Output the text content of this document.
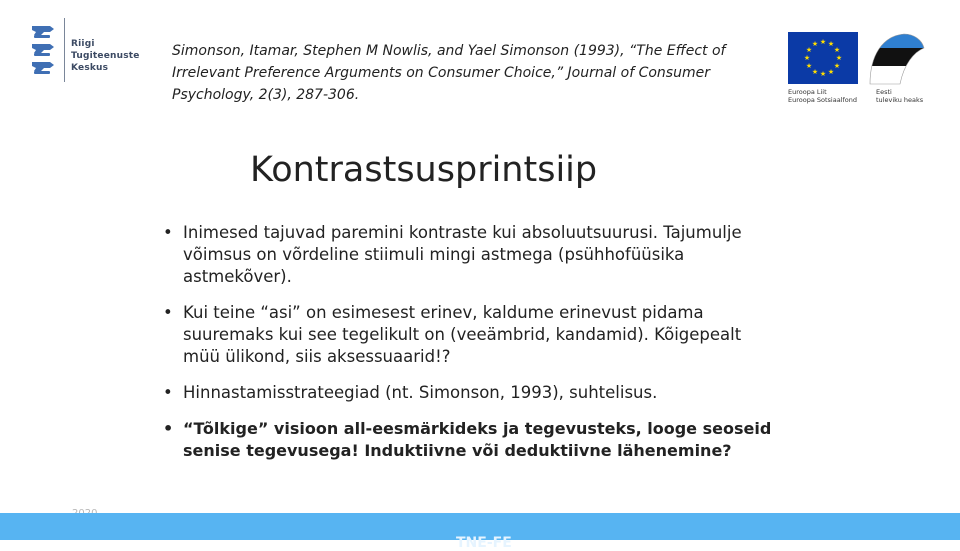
Riigi Tugiteenuste
Keskus
Simonson, Itamar, Stephen M Nowlis, and Yael Simonson (1993), “The Effect of Irrelevant Preference Arguments on Consumer Choice,” Journal of Consumer Psychology, 2(3), 287-306.
★ ★
★
★
★
★
★
★
★
★
★
★
Euroopa Liit
Euroopa Sotsiaalfond
Eesti
tuleviku heaks
Kontrastsusprintsiip
• Inimesed tajuvad paremini kontraste kui absoluutsuurusi. Tajumulje võimsus on võrdeline stiimuli mingi astmega (psühhofüüsika astmekõver).
• Kui teine “asi” on esimesest erinev, kaldume erinevust pidama suuremaks kui see tegelikult on (veeämbrid, kandamid). Kõigepealt müü ülikond, siis aksessuaarid!?
• Hinnastamisstrateegiad (nt. Simonson, 1993), suhtelisus.
• “Tõlkige” visioon all-eesmärkideks ja tegevusteks, looge seoseid senise tegevusega! Induktiivne või deduktiivne lähenemine?
TNE-FE
